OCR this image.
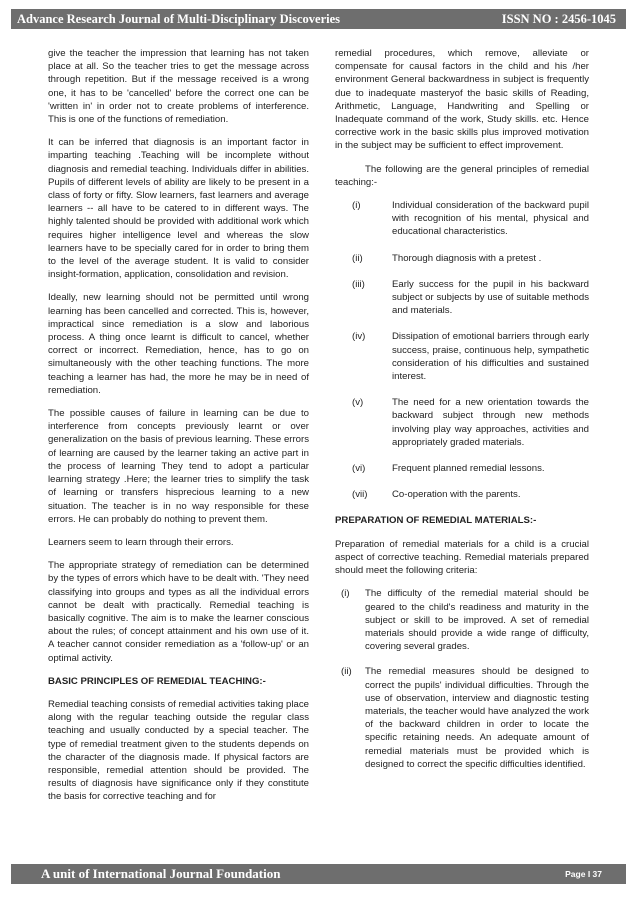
Advance Research Journal of Multi-Disciplinary Discoveries	ISSN NO : 2456-1045

give the teacher the impression that learning has not taken place at all. So the teacher tries to get the message across through repetition. But if the message received is a wrong one, it has to be 'cancelled' before the correct one can be 'written in' in order not to create problems of interference. This is one of the functions of remediation.

It can be inferred that diagnosis is an important factor in imparting teaching .Teaching will be incomplete without diagnosis and remedial teaching. Individuals differ in abilities. Pupils of different levels of ability are likely to be present in a class of forty or fifty. Slow learners, fast learners and average learners -- all have to be catered to in different ways. The highly talented should be provided with additional work which requires higher intelligence level and whereas the slow learners have to be specially cared for in order to bring them to the level of the average student. It is valid to consider insight-formation, application, consolidation and revision.

Ideally, new learning should not be permitted until wrong learning has been cancelled and corrected. This is, however, impractical since remediation is a slow and laborious process. A thing once learnt is difficult to cancel, whether correct or incorrect. Remediation, hence, has to go on simultaneously with the other teaching functions. The more teaching a learner has had, the more he may be in need of remediation.

The possible causes of failure in learning can be due to interference from concepts previously learnt or over generalization on the basis of previous learning. These errors of learning are caused by the learner taking an active part in the process of learning They tend to adopt a particular learning strategy .Here; the learner tries to simplify the task of learning or transfers hisprecious learning to a new situation. The teacher is in no way responsible for these errors. He can probably do nothing to prevent them.

Learners seem to learn through their errors.

The appropriate strategy of remediation can be determined by the types of errors which have to be dealt with. 'They need classifying into groups and types as all the individual errors cannot be dealt with practically. Remedial teaching is basically cognitive. The aim is to make the learner conscious about the rules; of concept attainment and his own use of it. A teacher cannot consider remediation as a 'follow-up' or an optimal activity.

BASIC PRINCIPLES OF REMEDIAL TEACHING:-

Remedial teaching consists of remedial activities taking place along with the regular teaching outside the regular class teaching and usually conducted by a special teacher. The type of remedial treatment given to the students depends on the character of the diagnosis made. If physical factors are responsible, remedial attention should be provided. The results of diagnosis have significance only if they constitute the basis for corrective teaching and for

remedial procedures, which remove, alleviate or compensate for causal factors in the child and his /her environment General backwardness in subject is frequently due to inadequate masteryof the basic skills of Reading, Arithmetic, Language, Handwriting and Spelling or Inadequate command of the work, Study skills. etc. Hence corrective work in the basic skills plus improved motivation in the subject may be sufficient to effect improvement.

The following are the general principles of remedial teaching:-

(i)	Individual consideration of the backward pupil with recognition of his mental, physical and educational characteristics.
(ii)	Thorough diagnosis with a pretest .
(iii)	Early success for the pupil in his backward subject or subjects by use of suitable methods and materials.
(iv)	Dissipation of emotional barriers through early success, praise, continuous help, sympathetic consideration of his difficulties and sustained interest.
(v)	The need for a new orientation towards the backward subject through new methods involving play way approaches, activities and appropriately graded materials.
(vi)	Frequent planned remedial lessons.
(vii)	Co-operation with the parents.
PREPARATION OF REMEDIAL MATERIALS:-

Preparation of remedial materials for a child is a crucial aspect of corrective teaching. Remedial materials prepared should meet the following criteria:

(i)	The difficulty of the remedial material should be geared to the child's readiness and maturity in the subject or skill to be improved. A set of remedial materials should provide a wide range of difficulty, covering several grades.
(ii)	The remedial measures should be designed to correct the pupils' individual difficulties. Through the use of observation, interview and diagnostic testing materials, the teacher would have analyzed the work of the backward children in order to locate the specific retaining needs. An adequate amount of remedial materials must be provided which is designed to correct the specific difficulties identified.
A unit of International Journal Foundation	Page I 37
